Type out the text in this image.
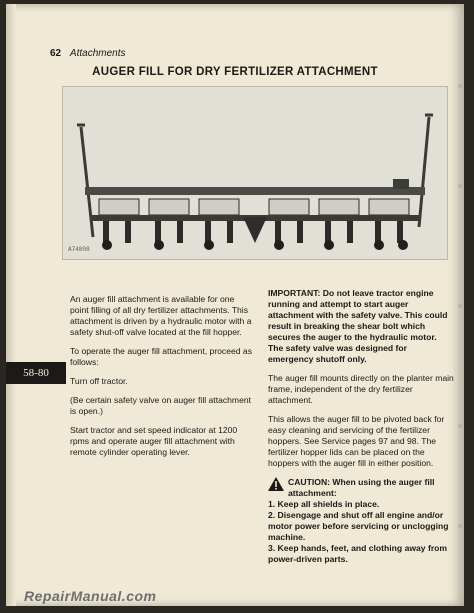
62 Attachments
AUGER FILL FOR DRY FERTILIZER ATTACHMENT
A74008
58-80

An auger fill attachment is available for one point filling of all dry fertilizer attachments. This attachment is driven by a hydraulic motor with a safety shut-off valve located at the fill hopper.

To operate the auger fill attachment, proceed as follows:

Turn off tractor.

(Be certain safety valve on auger fill attachment is open.)

Start tractor and set speed indicator at 1200 rpms and operate auger fill attachment with remote cylinder operating lever.

IMPORTANT: Do not leave tractor engine running and attempt to start auger attachment with the safety valve. This could result in breaking the shear bolt which secures the auger to the hydraulic motor. The safety valve was designed for emergency shutoff only.

The auger fill mounts directly on the planter main frame, independent of the dry fertilizer attachment.

This allows the auger fill to be pivoted back for easy cleaning and servicing of the fertilizer hoppers. See Service pages 97 and 98. The fertilizer hopper lids can be placed on the hoppers with the auger fill in either position.

CAUTION: When using the auger fill attachment:
1. Keep all shields in place.
2. Disengage and shut off all engine and/or motor power before servicing or unclogging machine.
3. Keep hands, feet, and clothing away from power-driven parts.
RepairManual.com
